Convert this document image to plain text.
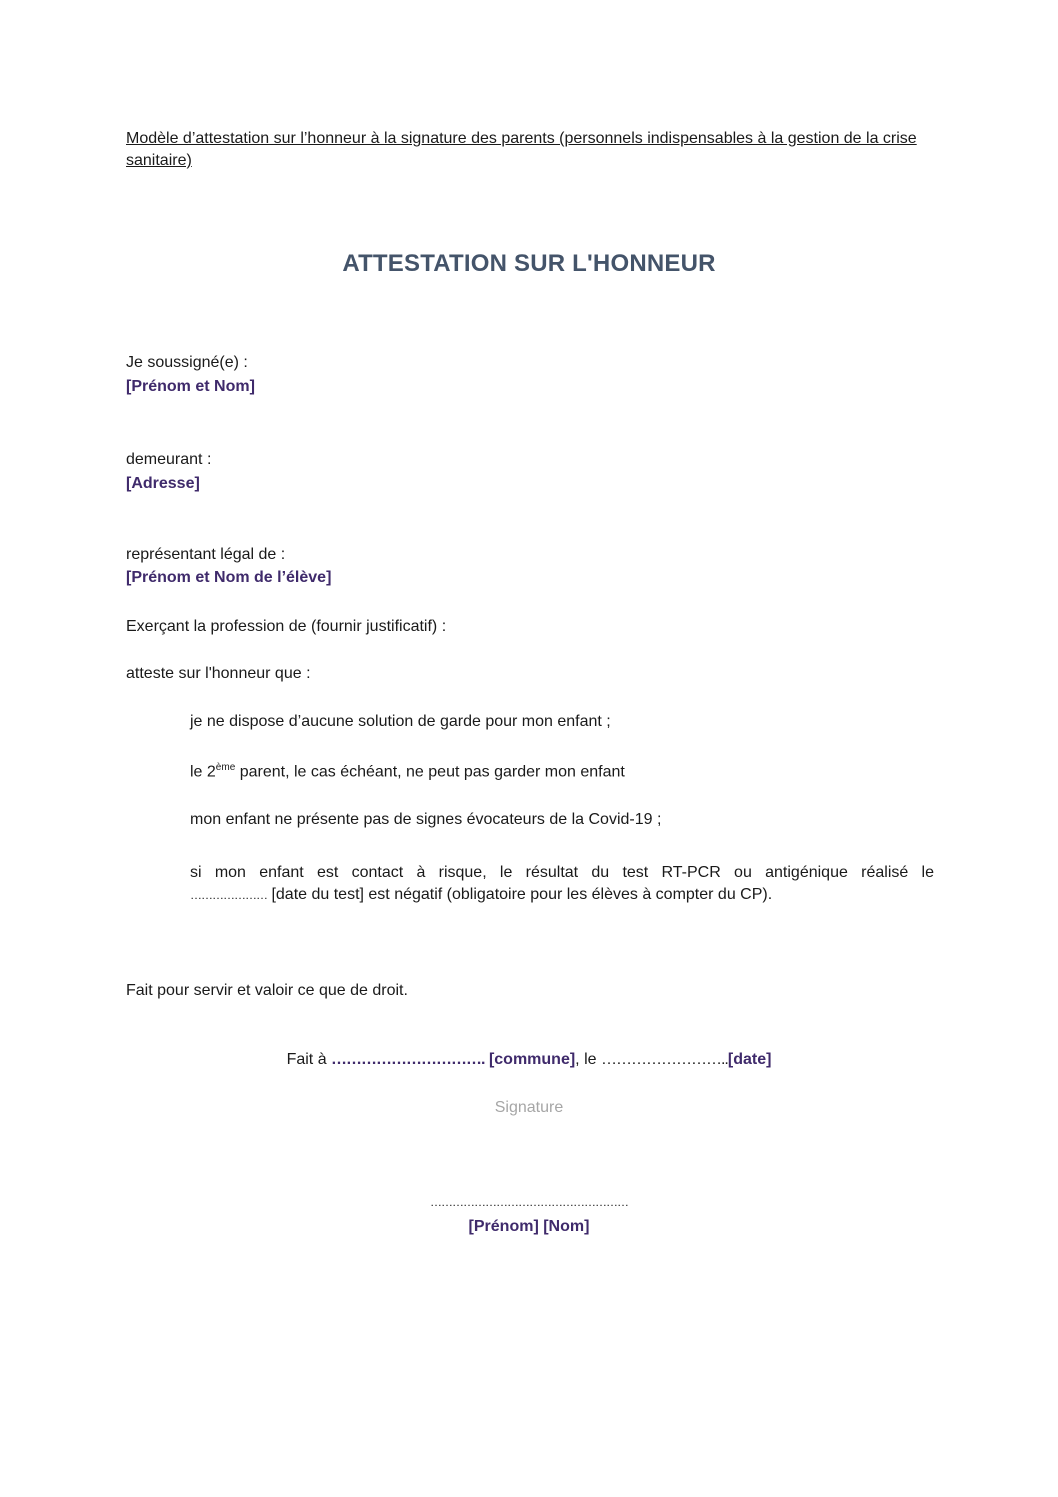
Modèle d’attestation sur l’honneur à la signature des parents (personnels indispensables à la gestion de la crise sanitaire)
ATTESTATION SUR L'HONNEUR
Je soussigné(e) :
[Prénom et Nom]
demeurant :
[Adresse]
représentant légal de :
[Prénom et Nom de l’élève]
Exerçant la profession de (fournir justificatif) :
atteste sur l'honneur que :
je ne dispose d’aucune solution de garde pour mon enfant ;
le 2ème parent, le cas échéant, ne peut pas garder mon enfant
mon enfant ne présente pas de signes évocateurs de la Covid-19 ;
si mon enfant est contact à risque, le résultat du test RT-PCR ou antigénique réalisé le
………………… [date du test] est négatif (obligatoire pour les élèves à compter du CP).
Fait pour servir et valoir ce que de droit.
Fait à …………………………. [commune], le ……………………..[date]
Signature
………………………………………………
[Prénom] [Nom]
